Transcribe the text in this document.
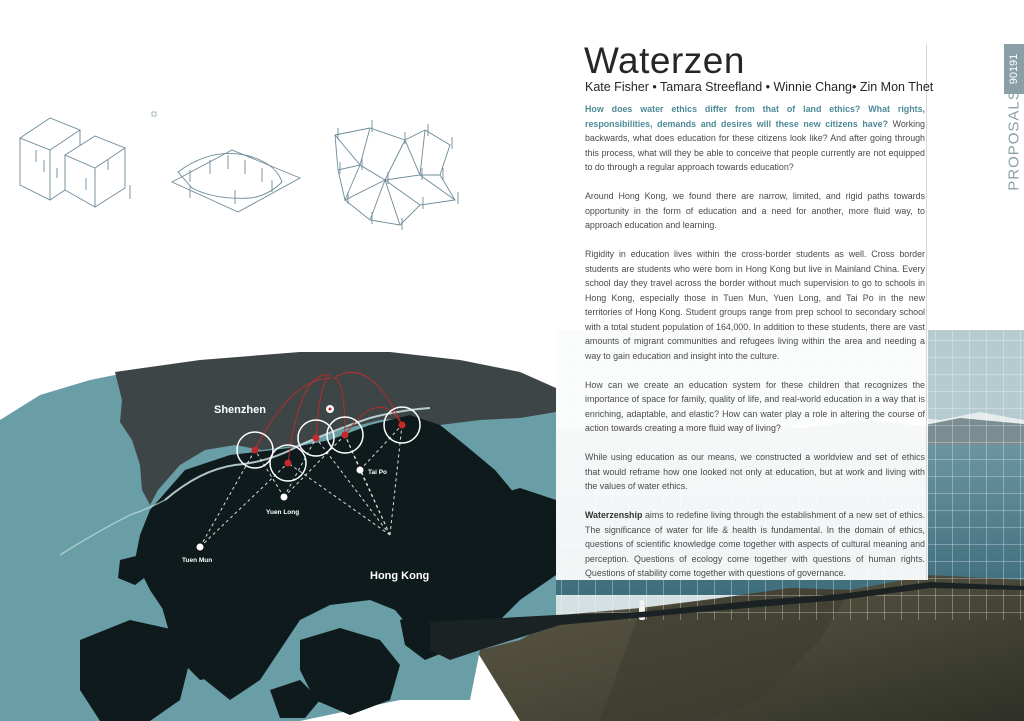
Shenzhen
Tai Po
Yuen Long
Tuen Mun
Hong Kong
Waterzen

Kate Fisher • Tamara Streefland • Winnie Chang• Zin Mon Thet

How does water ethics differ from that of land ethics? What rights, responsibilities, demands and desires will these new citizens have? Working backwards, what does education for these citizens look like? And after going through this process, what will they be able to conceive that people currently are not equipped to do through a regular approach towards education?

Around Hong Kong, we found there are narrow, limited, and rigid paths towards opportunity in the form of education and a need for another, more fluid way, to approach education and learning.

Rigidity in education lives within the cross-border students as well. Cross border students are students who were born in Hong Kong but live in Mainland China. Every school day they travel across the border without much supervision to go to schools in Hong Kong, especially those in Tuen Mun, Yuen Long, and Tai Po in the new territories of Hong Kong. Student groups range from prep school to secondary school with a total student population of 164,000. In addition to these students, there are vast amounts of migrant communities and refugees living within the area and needing a way to gain education and insight into the culture.

How can we create an education system for these children that recognizes the importance of space for family, quality of life, and real-world education in a way that is enriching, adaptable, and elastic? How can water play a role in altering the course of action towards creating a more fluid way of living?

While using education as our means, we constructed a worldview and set of ethics that would reframe how one looked not only at education, but at work and living with the values of water ethics.

Waterzenship aims to redefine living through the establishment of a new set of ethics. The significance of water for life & health is fundamental. In the domain of ethics, questions of scientific knowledge come together with aspects of cultural meaning and perception. Questions of ecology come together with questions of human rights. Questions of stability come together with questions of governance.

90191
PROPOSALS
